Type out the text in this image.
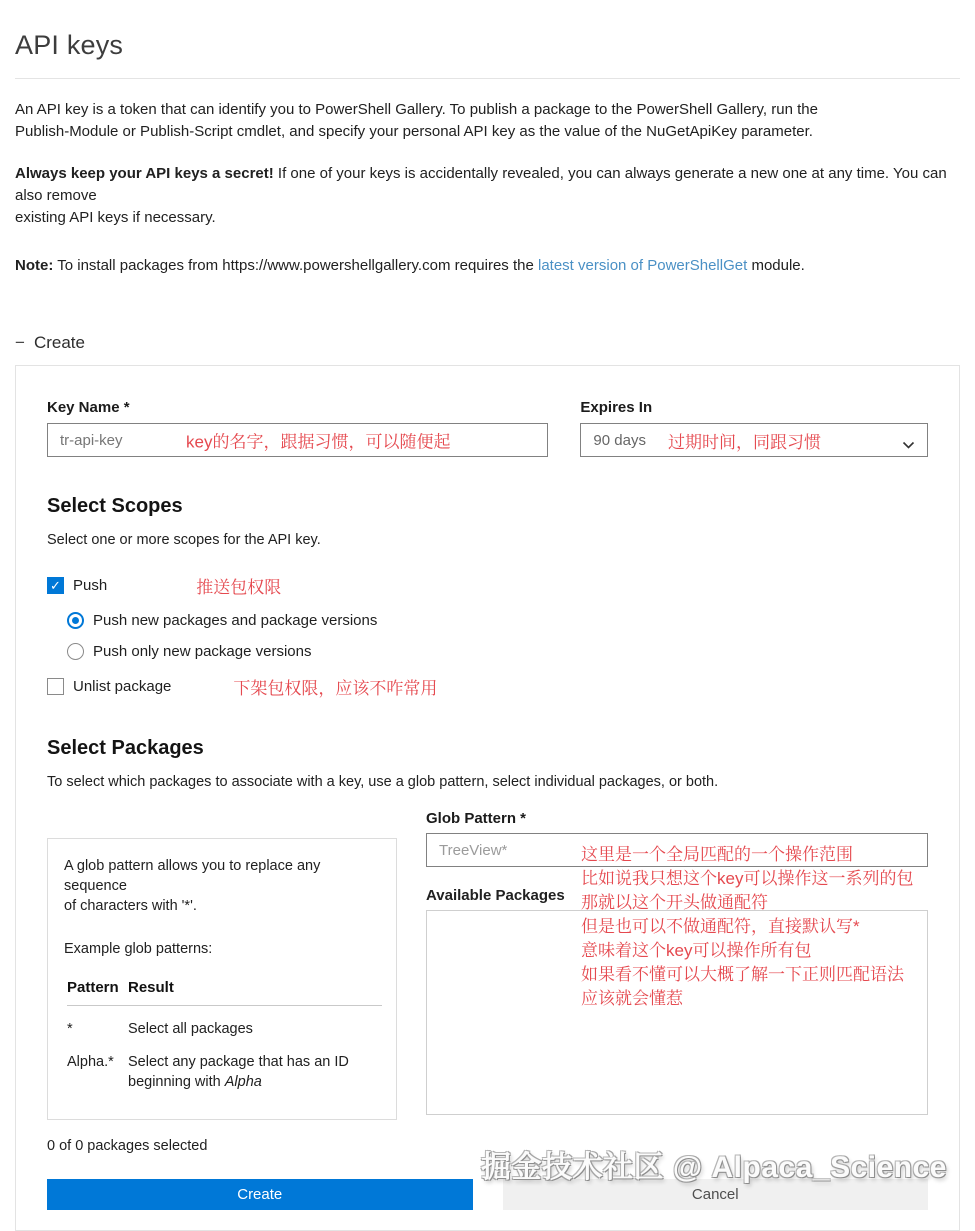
API keys

An API key is a token that can identify you to PowerShell Gallery. To publish a package to the PowerShell Gallery, run the
Publish-Module or Publish-Script cmdlet, and specify your personal API key as the value of the NuGetApiKey parameter.

Always keep your API keys a secret! If one of your keys is accidentally revealed, you can always generate a new one at any time. You can also remove
existing API keys if necessary.

Note: To install packages from https://www.powershellgallery.com requires the latest version of PowerShellGet module.

− Create
Key Name *
tr-api-key
key的名字，跟据习惯，可以随便起
Expires In
90 days 过期时间，同跟习惯
Select Scopes
Select one or more scopes for the API key.
✓ Push	推送包权限
Push new packages and package versions
Push only new package versions
Unlist package	下架包权限，应该不咋常用
Select Packages
To select which packages to associate with a key, use a glob pattern, select individual packages, or both.
A glob pattern allows you to replace any sequence
of characters with '*'.
Example glob patterns:
Pattern Result
*	Select all packages
Alpha.* Select any package that has an ID beginning with Alpha
Glob Pattern *
TreeView*
Available Packages
这里是一个全局匹配的一个操作范围
比如说我只想这个key可以操作这一系列的包
那就以这个开头做通配符
但是也可以不做通配符，直接默认写*
意味着这个key可以操作所有包
如果看不懂可以大概了解一下正则匹配语法
应该就会懂惹
0 of 0 packages selected
Create	Cancel
掘金技术社区 @ Alpaca_Science
